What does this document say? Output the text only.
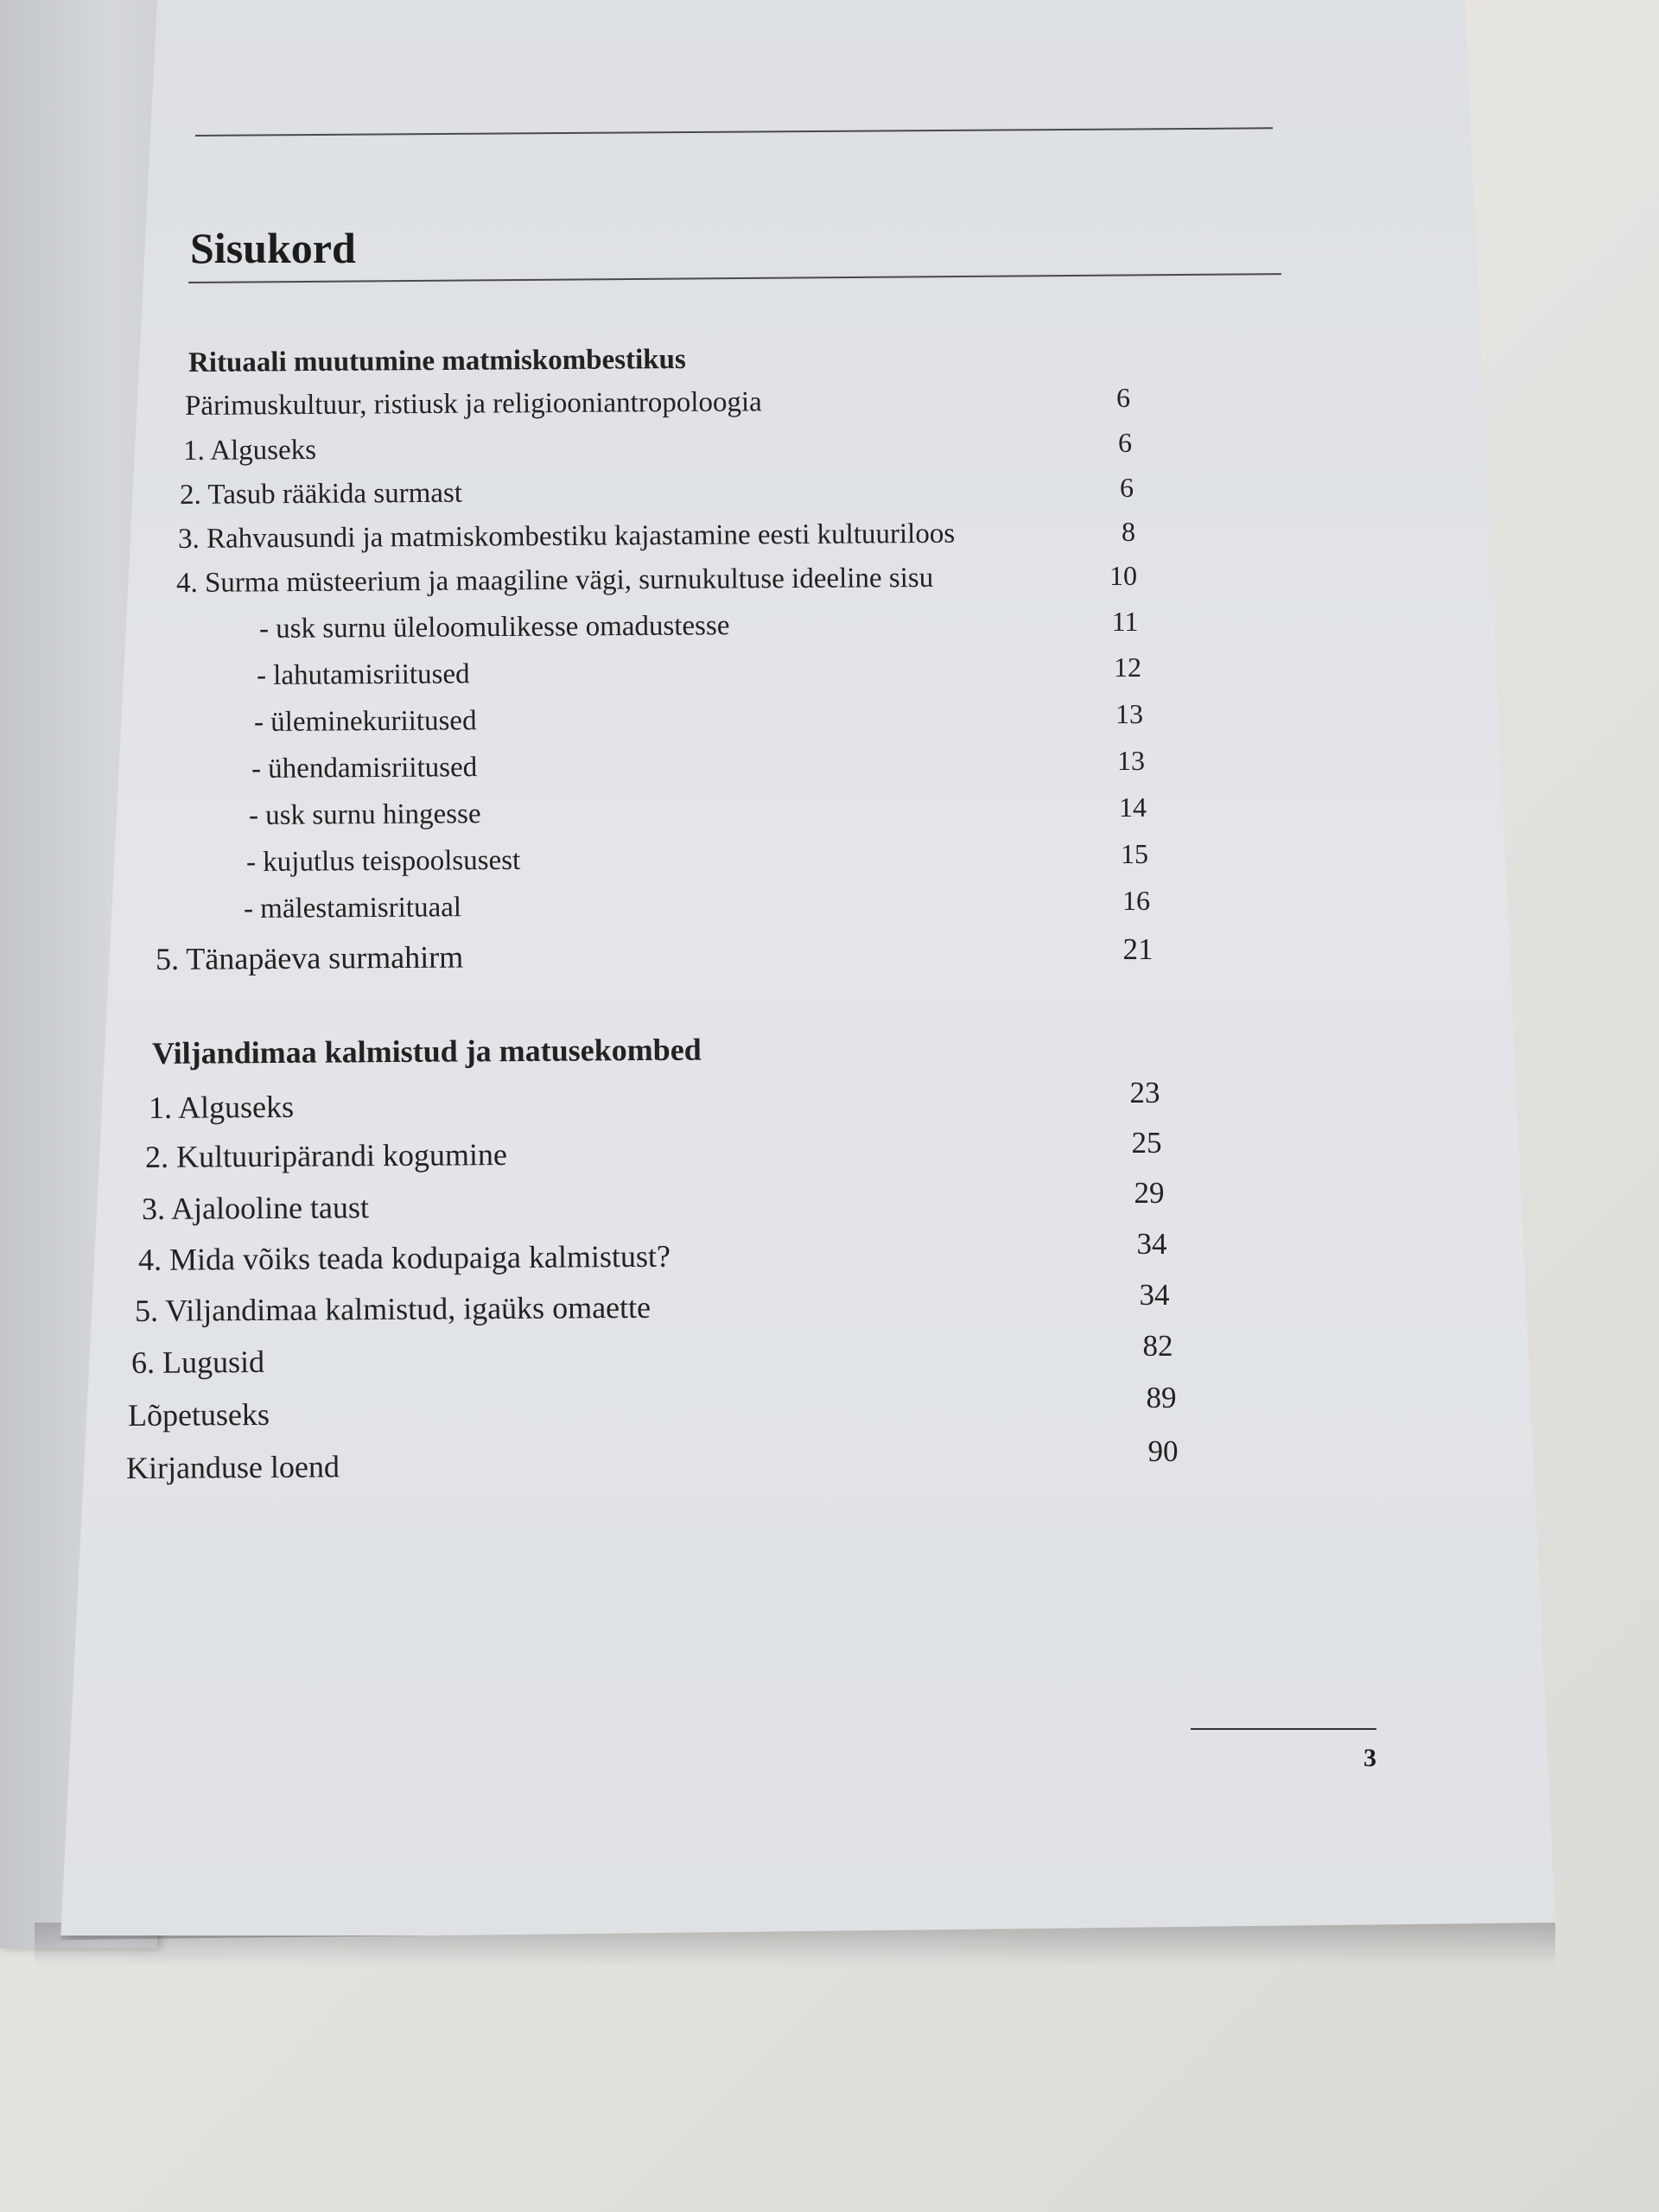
Sisukord
Rituaali muutumine matmiskombestikus
Pärimuskultuur, ristiusk ja religiooniantropoloogia
1. Alguseks
2. Tasub rääkida surmast
3. Rahvausundi ja matmiskombestiku kajastamine eesti kultuuriloos
4. Surma müsteerium ja maagiline vägi, surnukultuse ideeline sisu
- usk surnu üleloomulikesse omadustesse
- lahutamisriitused
- üleminekuriitused
- ühendamisriitused
- usk surnu hingesse
- kujutlus teispoolsusest
- mälestamisrituaal
5. Tänapäeva surmahirm
Viljandimaa kalmistud ja matusekombed
1. Alguseks
2. Kultuuripärandi kogumine
3. Ajalooline taust
4. Mida võiks teada kodupaiga kalmistust?
5. Viljandimaa kalmistud, igaüks omaette
6. Lugusid
Lõpetuseks
Kirjanduse loend
6
6
6
8
10
11
12
13
13
14
15
16
21
23
25
29
34
34
82
89
90
3
